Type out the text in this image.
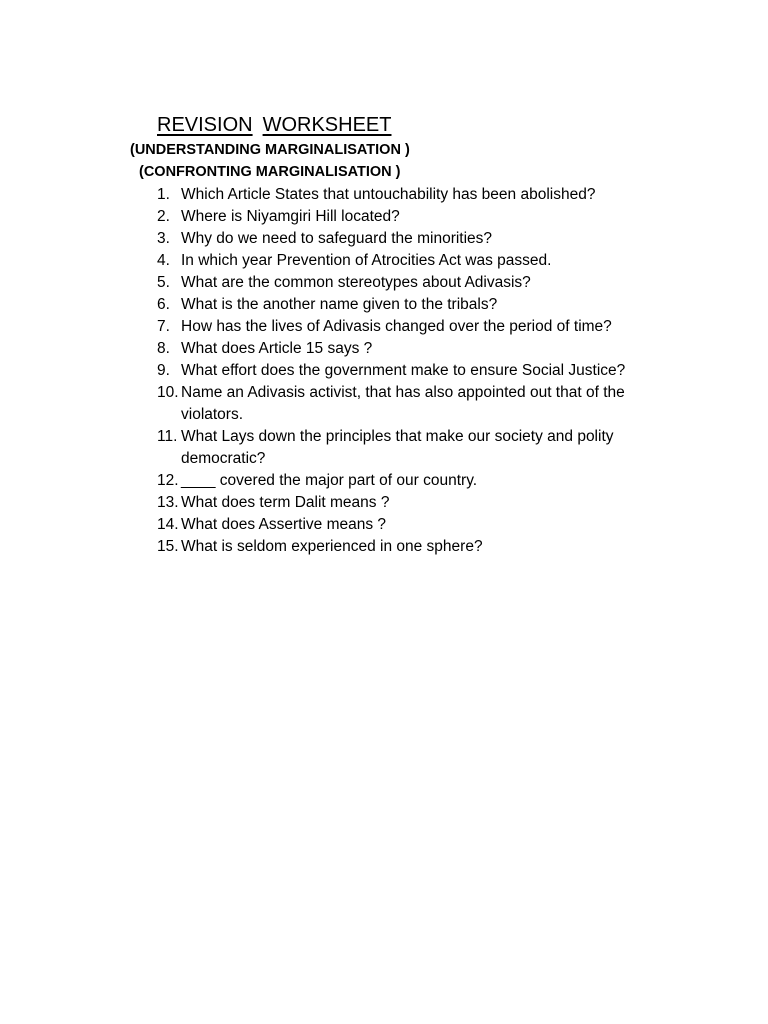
REVISION WORKSHEET

(UNDERSTANDING MARGINALISATION )

(CONFRONTING MARGINALISATION )

1. Which Article States that untouchability has been abolished?
2. Where is Niyamgiri Hill located?
3. Why do we need to safeguard the minorities?
4. In which year Prevention of Atrocities Act was passed.
5. What are the common stereotypes about Adivasis?
6. What is the another name given to the tribals?
7. How has the lives of Adivasis changed over the period of time?
8. What does Article 15 says ?
9. What effort does the government make to ensure Social Justice?
10. Name an Adivasis activist, that has also appointed out that of the violators.
11. What Lays down the principles that make our society and polity democratic?
12. ____ covered the major part of our country.
13. What does term Dalit means ?
14. What does Assertive means ?
15. What is seldom experienced in one sphere?
